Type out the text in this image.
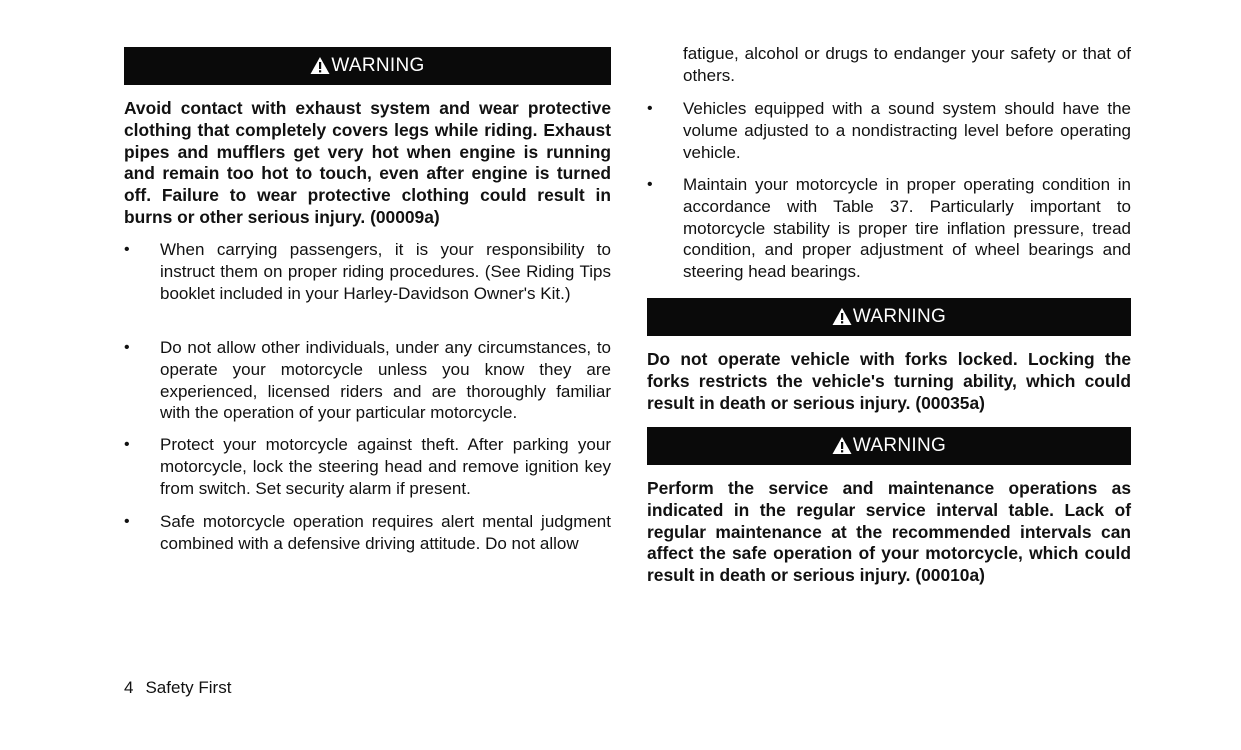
WARNING

Avoid contact with exhaust system and wear protective clothing that completely covers legs while riding. Exhaust pipes and mufflers get very hot when engine is running and remain too hot to touch, even after engine is turned off. Failure to wear protective clothing could result in burns or other serious injury. (00009a)

• When carrying passengers, it is your responsibility to instruct them on proper riding procedures. (See Riding Tips booklet included in your Harley-Davidson Owner's Kit.)
• Do not allow other individuals, under any circumstances, to operate your motorcycle unless you know they are experienced, licensed riders and are thoroughly familiar with the operation of your particular motorcycle.
• Protect your motorcycle against theft. After parking your motorcycle, lock the steering head and remove ignition key from switch. Set security alarm if present.
• Safe motorcycle operation requires alert mental judgment combined with a defensive driving attitude. Do not allow

fatigue, alcohol or drugs to endanger your safety or that of others.

• Vehicles equipped with a sound system should have the volume adjusted to a nondistracting level before operating vehicle.
• Maintain your motorcycle in proper operating condition in accordance with Table 37. Particularly important to motorcycle stability is proper tire inflation pressure, tread condition, and proper adjustment of wheel bearings and steering head bearings.
WARNING

Do not operate vehicle with forks locked. Locking the forks restricts the vehicle's turning ability, which could result in death or serious injury. (00035a)

WARNING

Perform the service and maintenance operations as indicated in the regular service interval table. Lack of regular maintenance at the recommended intervals can affect the safe operation of your motorcycle, which could result in death or serious injury. (00010a)

4 Safety First
